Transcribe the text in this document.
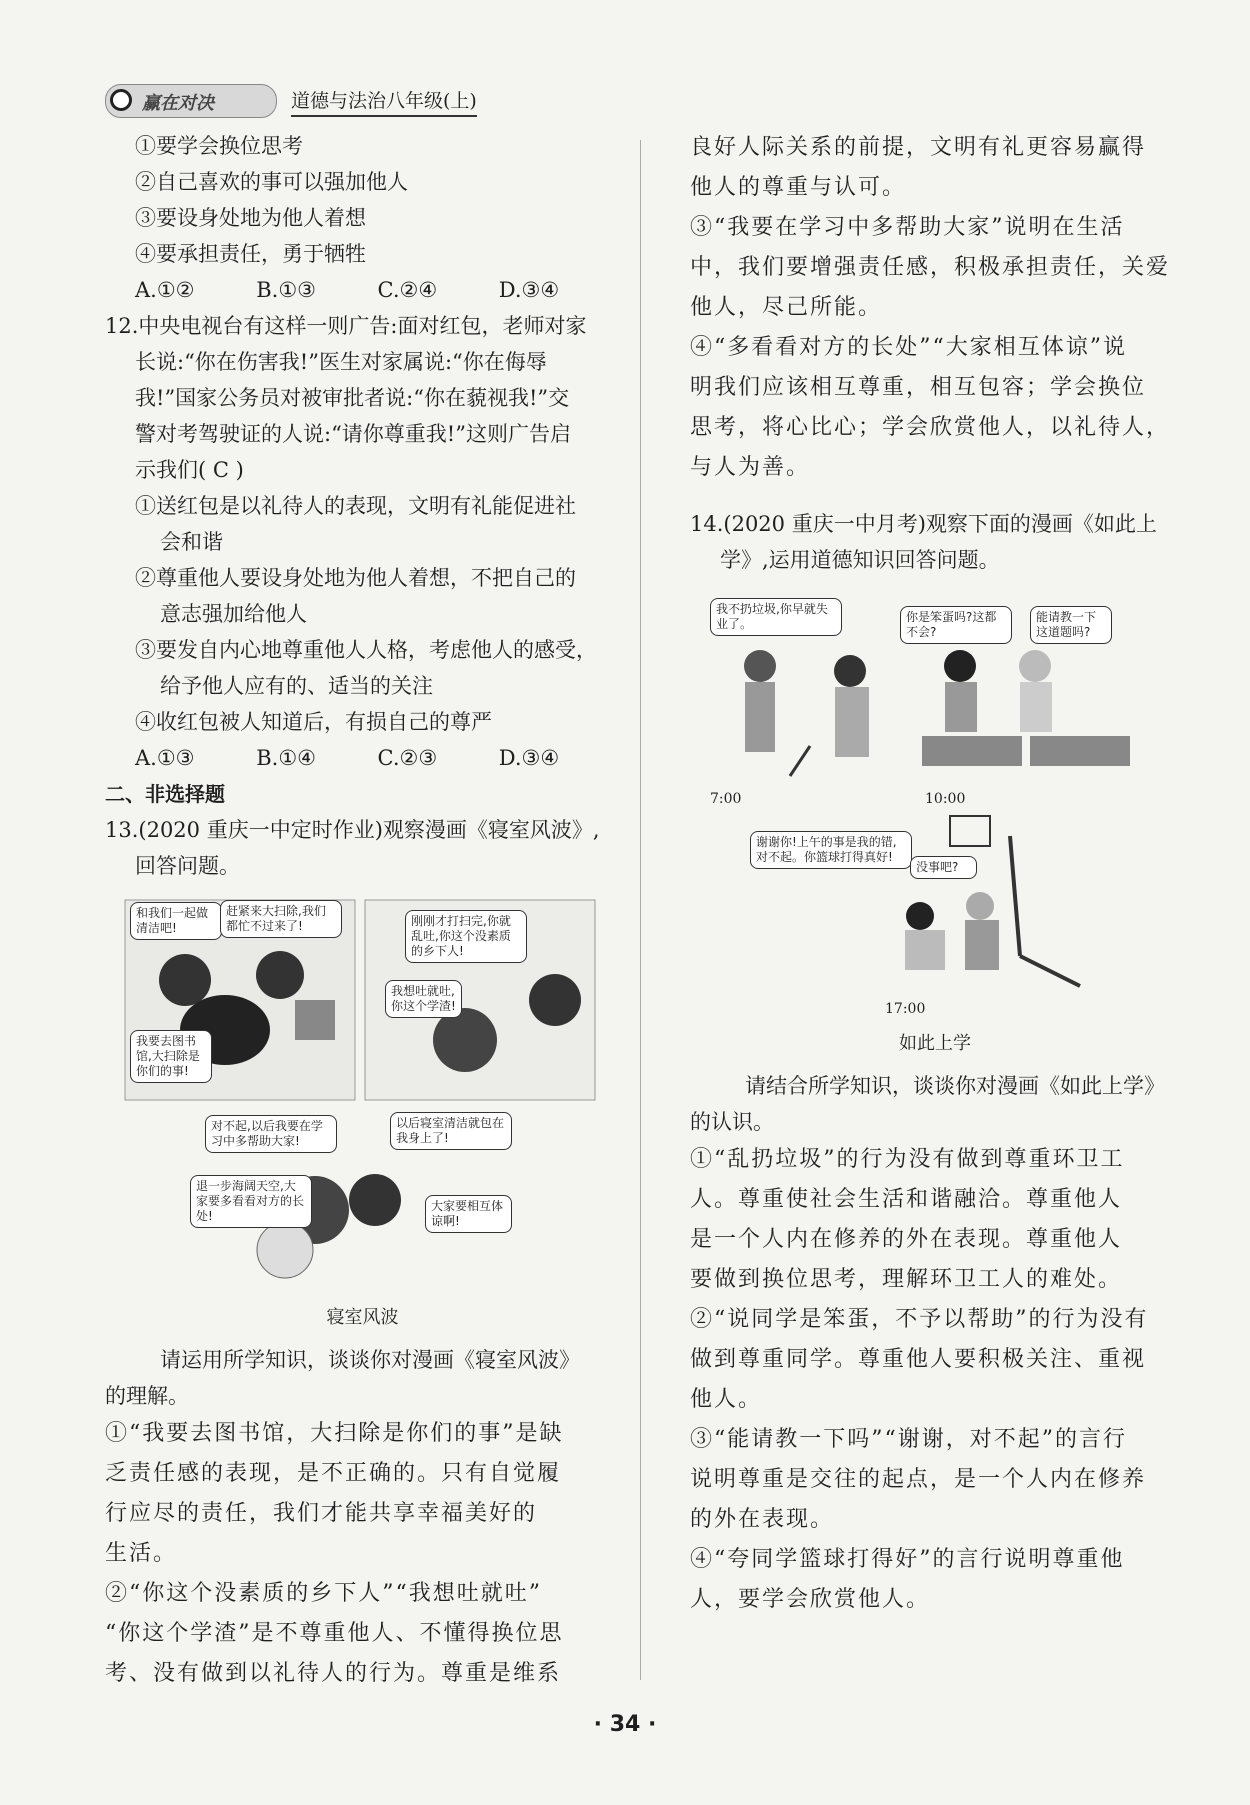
赢在对决	道德与法治八年级(上)
①要学会换位思考
②自己喜欢的事可以强加他人
③要设身处地为他人着想
④要承担责任，勇于牺牲
A.①②	B.①③	C.②④	D.③④
12.中央电视台有这样一则广告:面对红包，老师对家
长说:“你在伤害我!”医生对家属说:“你在侮辱
我!”国家公务员对被审批者说:“你在藐视我!”交
警对考驾驶证的人说:“请你尊重我!”这则广告启
示我们( C )
①送红包是以礼待人的表现，文明有礼能促进社
会和谐
②尊重他人要设身处地为他人着想，不把自己的
意志强加给他人
③要发自内心地尊重他人人格，考虑他人的感受，
给予他人应有的、适当的关注
④收红包被人知道后，有损自己的尊严
A.①③	B.①④	C.②③	D.③④
二、非选择题
13.(2020 重庆一中定时作业)观察漫画《寝室风波》,
回答问题。
和我们一起做清洁吧!
赶紧来大扫除,我们都忙不过来了!	刚刚才打扫完,你就乱吐,你这个没素质的乡下人!
我想吐就吐,你这个学渣!
我要去图书馆,大扫除是你们的事!
对不起,以后我要在学习中多帮助大家!
以后寝室清洁就包在我身上了!
退一步海阔天空,大家要多看看对方的长处!
大家要相互体谅啊!
寝室风波
请运用所学知识，谈谈你对漫画《寝室风波》
的理解。
①“我要去图书馆，大扫除是你们的事”是缺
乏责任感的表现，是不正确的。只有自觉履
行应尽的责任，我们才能共享幸福美好的
生活。
②“你这个没素质的乡下人”“我想吐就吐”
“你这个学渣”是不尊重他人、不懂得换位思
考、没有做到以礼待人的行为。尊重是维系
良好人际关系的前提，文明有礼更容易赢得
他人的尊重与认可。
③“我要在学习中多帮助大家”说明在生活
中，我们要增强责任感，积极承担责任，关爱
他人，尽己所能。
④“多看看对方的长处”“大家相互体谅”说
明我们应该相互尊重，相互包容；学会换位
思考，将心比心；学会欣赏他人，以礼待人，
与人为善。
14.(2020 重庆一中月考)观察下面的漫画《如此上
学》,运用道德知识回答问题。
我不扔垃圾,你早就失业了。	你是笨蛋吗?这都不会?
能请教一下这道题吗?
谢谢你!上午的事是我的错,对不起。你篮球打得真好!
没事吧?
7:00	10:00
17:00
如此上学
请结合所学知识，谈谈你对漫画《如此上学》
的认识。
①“乱扔垃圾”的行为没有做到尊重环卫工
人。尊重使社会生活和谐融洽。尊重他人
是一个人内在修养的外在表现。尊重他人
要做到换位思考，理解环卫工人的难处。
②“说同学是笨蛋，不予以帮助”的行为没有
做到尊重同学。尊重他人要积极关注、重视
他人。
③“能请教一下吗”“谢谢，对不起”的言行
说明尊重是交往的起点，是一个人内在修养
的外在表现。
④“夸同学篮球打得好”的言行说明尊重他
人，要学会欣赏他人。
· 34 ·
